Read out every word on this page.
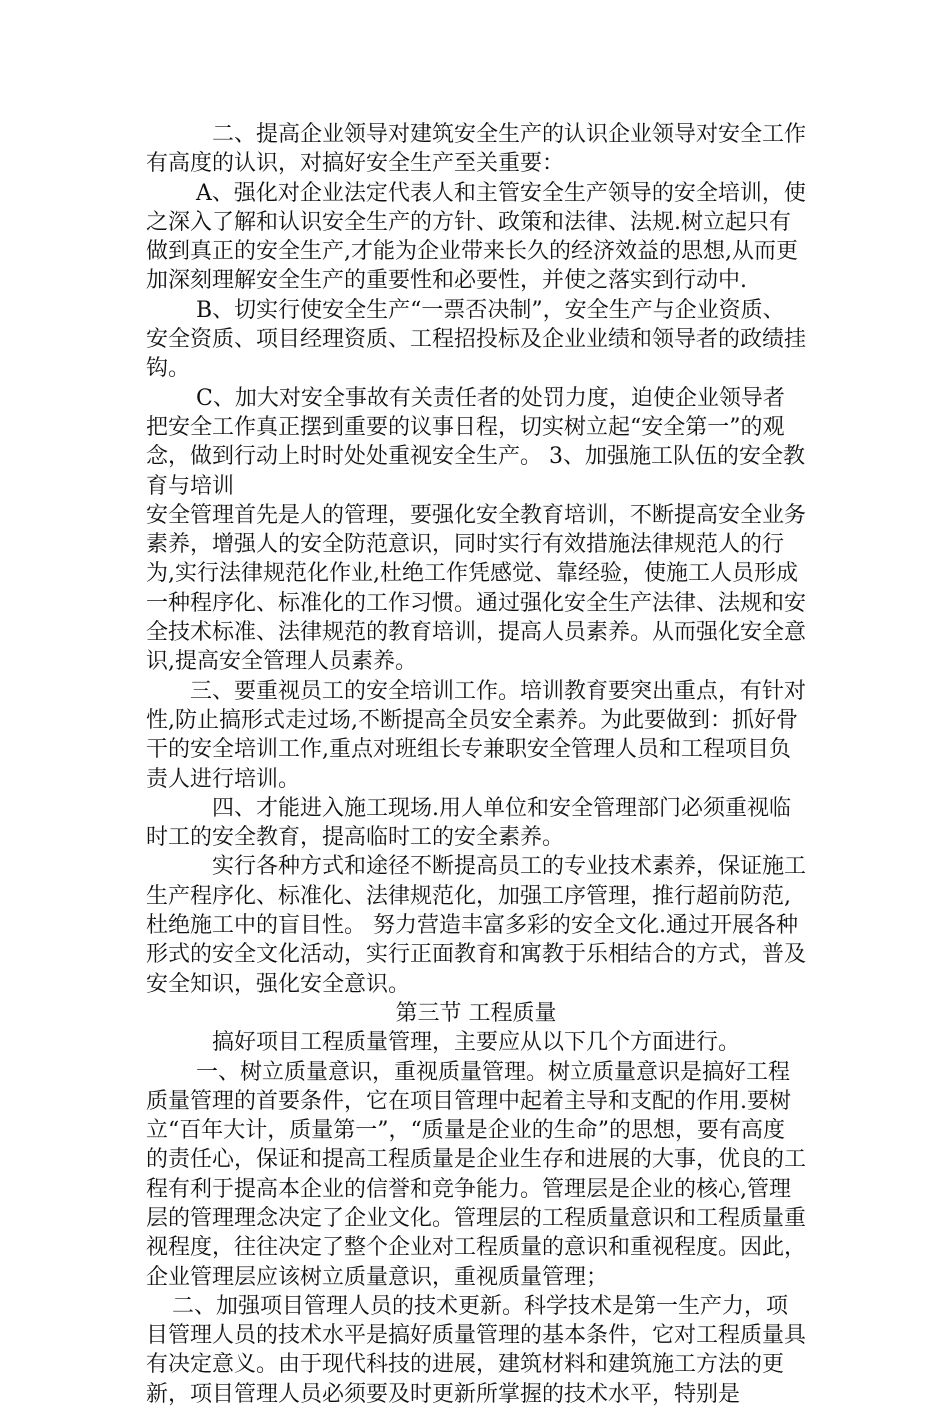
二、提高企业领导对建筑安全生产的认识企业领导对安全工作有高度的认识，对搞好安全生产至关重要：

A、强化对企业法定代表人和主管安全生产领导的安全培训，使之深入了解和认识安全生产的方针、政策和法律、法规.树立起只有做到真正的安全生产,才能为企业带来长久的经济效益的思想,从而更加深刻理解安全生产的重要性和必要性，并使之落实到行动中.

B、切实行使安全生产“一票否决制”，安全生产与企业资质、安全资质、项目经理资质、工程招投标及企业业绩和领导者的政绩挂钩。

C、加大对安全事故有关责任者的处罚力度，迫使企业领导者把安全工作真正摆到重要的议事日程，切实树立起“安全第一”的观念，做到行动上时时处处重视安全生产。 3、加强施工队伍的安全教育与培训

安全管理首先是人的管理，要强化安全教育培训，不断提高安全业务素养，增强人的安全防范意识，同时实行有效措施法律规范人的行为,实行法律规范化作业,杜绝工作凭感觉、靠经验，使施工人员形成一种程序化、标准化的工作习惯。通过强化安全生产法律、法规和安全技术标准、法律规范的教育培训，提高人员素养。从而强化安全意识,提高安全管理人员素养。

三、要重视员工的安全培训工作。培训教育要突出重点，有针对性,防止搞形式走过场,不断提高全员安全素养。为此要做到：抓好骨干的安全培训工作,重点对班组长专兼职安全管理人员和工程项目负责人进行培训。

四、才能进入施工现场.用人单位和安全管理部门必须重视临时工的安全教育，提高临时工的安全素养。

实行各种方式和途径不断提高员工的专业技术素养，保证施工生产程序化、标准化、法律规范化，加强工序管理，推行超前防范,杜绝施工中的盲目性。 努力营造丰富多彩的安全文化.通过开展各种形式的安全文化活动，实行正面教育和寓教于乐相结合的方式，普及安全知识，强化安全意识。

第三节 工程质量

搞好项目工程质量管理，主要应从以下几个方面进行。

一、树立质量意识，重视质量管理。树立质量意识是搞好工程质量管理的首要条件，它在项目管理中起着主导和支配的作用.要树立“百年大计，质量第一”，“质量是企业的生命”的思想，要有高度的责任心，保证和提高工程质量是企业生存和进展的大事，优良的工程有利于提高本企业的信誉和竞争能力。管理层是企业的核心,管理层的管理理念决定了企业文化。管理层的工程质量意识和工程质量重视程度，往往决定了整个企业对工程质量的意识和重视程度。因此，企业管理层应该树立质量意识，重视质量管理；

二、加强项目管理人员的技术更新。科学技术是第一生产力，项目管理人员的技术水平是搞好质量管理的基本条件，它对工程质量具有决定意义。由于现代科技的进展，建筑材料和建筑施工方法的更新，项目管理人员必须要及时更新所掌握的技术水平，特别是
